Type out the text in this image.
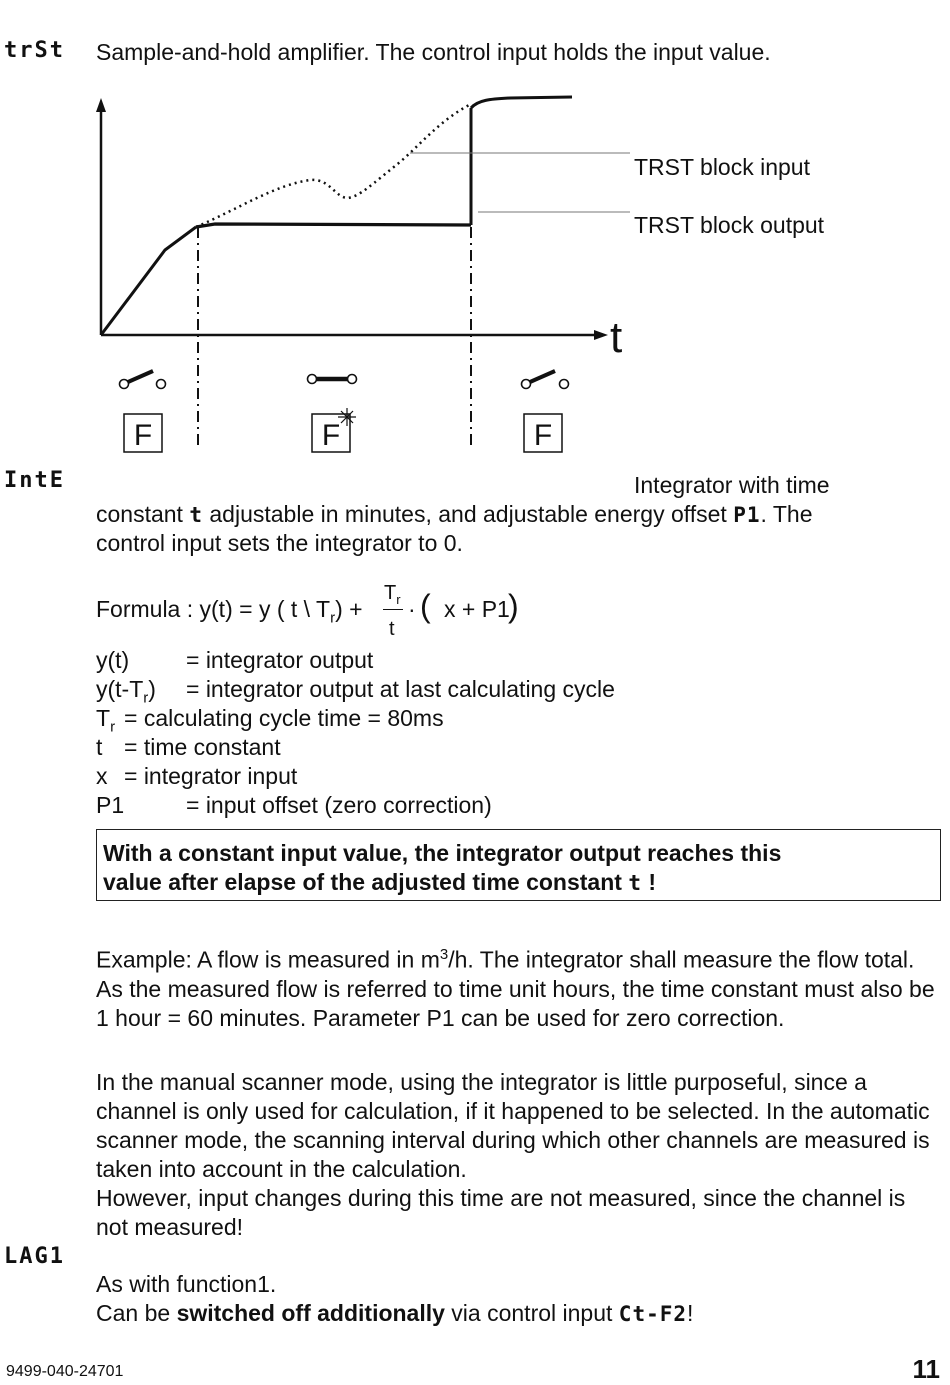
trSt Sample-and-hold amplifier. The control input holds the input value.
t
F	F	F
TRST block input
TRST block output
IntE	Integrator with time
constant t adjustable in minutes, and adjustable energy offset P1. The
control input sets the integrator to 0.
Formula : y(t) = y ( t \ $T_r$) +
$T_r$
t
· ( x + P1
)
y(t) = integrator output
$y(t-T_r)$ = integrator output at last calculating cycle
$T_r$ = calculating cycle time = 80ms
t = time constant
x = integrator input
P1	= input offset (zero correction)
With a constant input value, the integrator output reaches this
value after elapse of the adjusted time constant t !
Example: A flow is measured in $m^3/h$. The integrator shall measure the flow total. As the measured flow is referred to time unit hours, the time constant must also be 1 hour = 60 minutes. Parameter P1 can be used for zero correction.
In the manual scanner mode, using the integrator is little purposeful, since a channel is only used for calculation, if it happened to be selected. In the automatic scanner mode, the scanning interval during which other channels are measured is taken into account in the calculation.
However, input changes during this time are not measured, since the channel is not measured!
LAG1
As with function1.
Can be switched off additionally via control input Ct-F2!
9499-040-24701	11
